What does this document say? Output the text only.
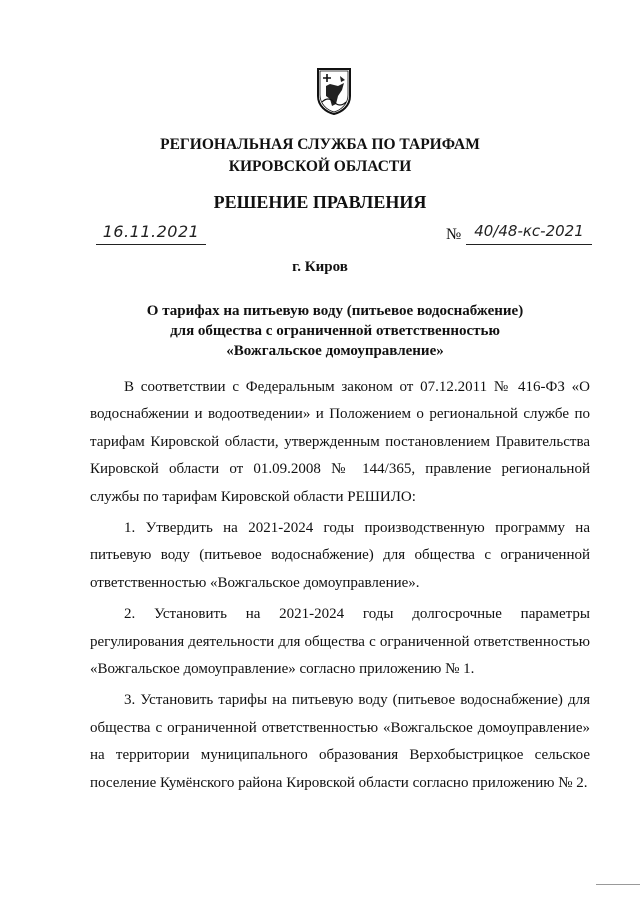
РЕГИОНАЛЬНАЯ СЛУЖБА ПО ТАРИФАМ
КИРОВСКОЙ ОБЛАСТИ
РЕШЕНИЕ ПРАВЛЕНИЯ
16.11.2021	№ 40/48-кс-2021
г. Киров
О тарифах на питьевую воду (питьевое водоснабжение)
для общества с ограниченной ответственностью
«Вожгальское домоуправление»

В соответствии с Федеральным законом от 07.12.2011 № 416-ФЗ «О водоснабжении и водоотведении» и Положением о региональной службе по тарифам Кировской области, утвержденным постановлением Правительства Кировской области от 01.09.2008 № 144/365, правление региональной службы по тарифам Кировской области РЕШИЛО:

1. Утвердить на 2021-2024 годы производственную программу на питьевую воду (питьевое водоснабжение) для общества с ограниченной ответственностью «Вожгальское домоуправление».

2. Установить на 2021-2024 годы долгосрочные параметры регулирования деятельности для общества с ограниченной ответственностью «Вожгальское домоуправление» согласно приложению № 1.

3. Установить тарифы на питьевую воду (питьевое водоснабжение) для общества с ограниченной ответственностью «Вожгальское домоуправление» на территории муниципального образования Верхобыстрицкое сельское поселение Кумёнского района Кировской области согласно приложению № 2.
